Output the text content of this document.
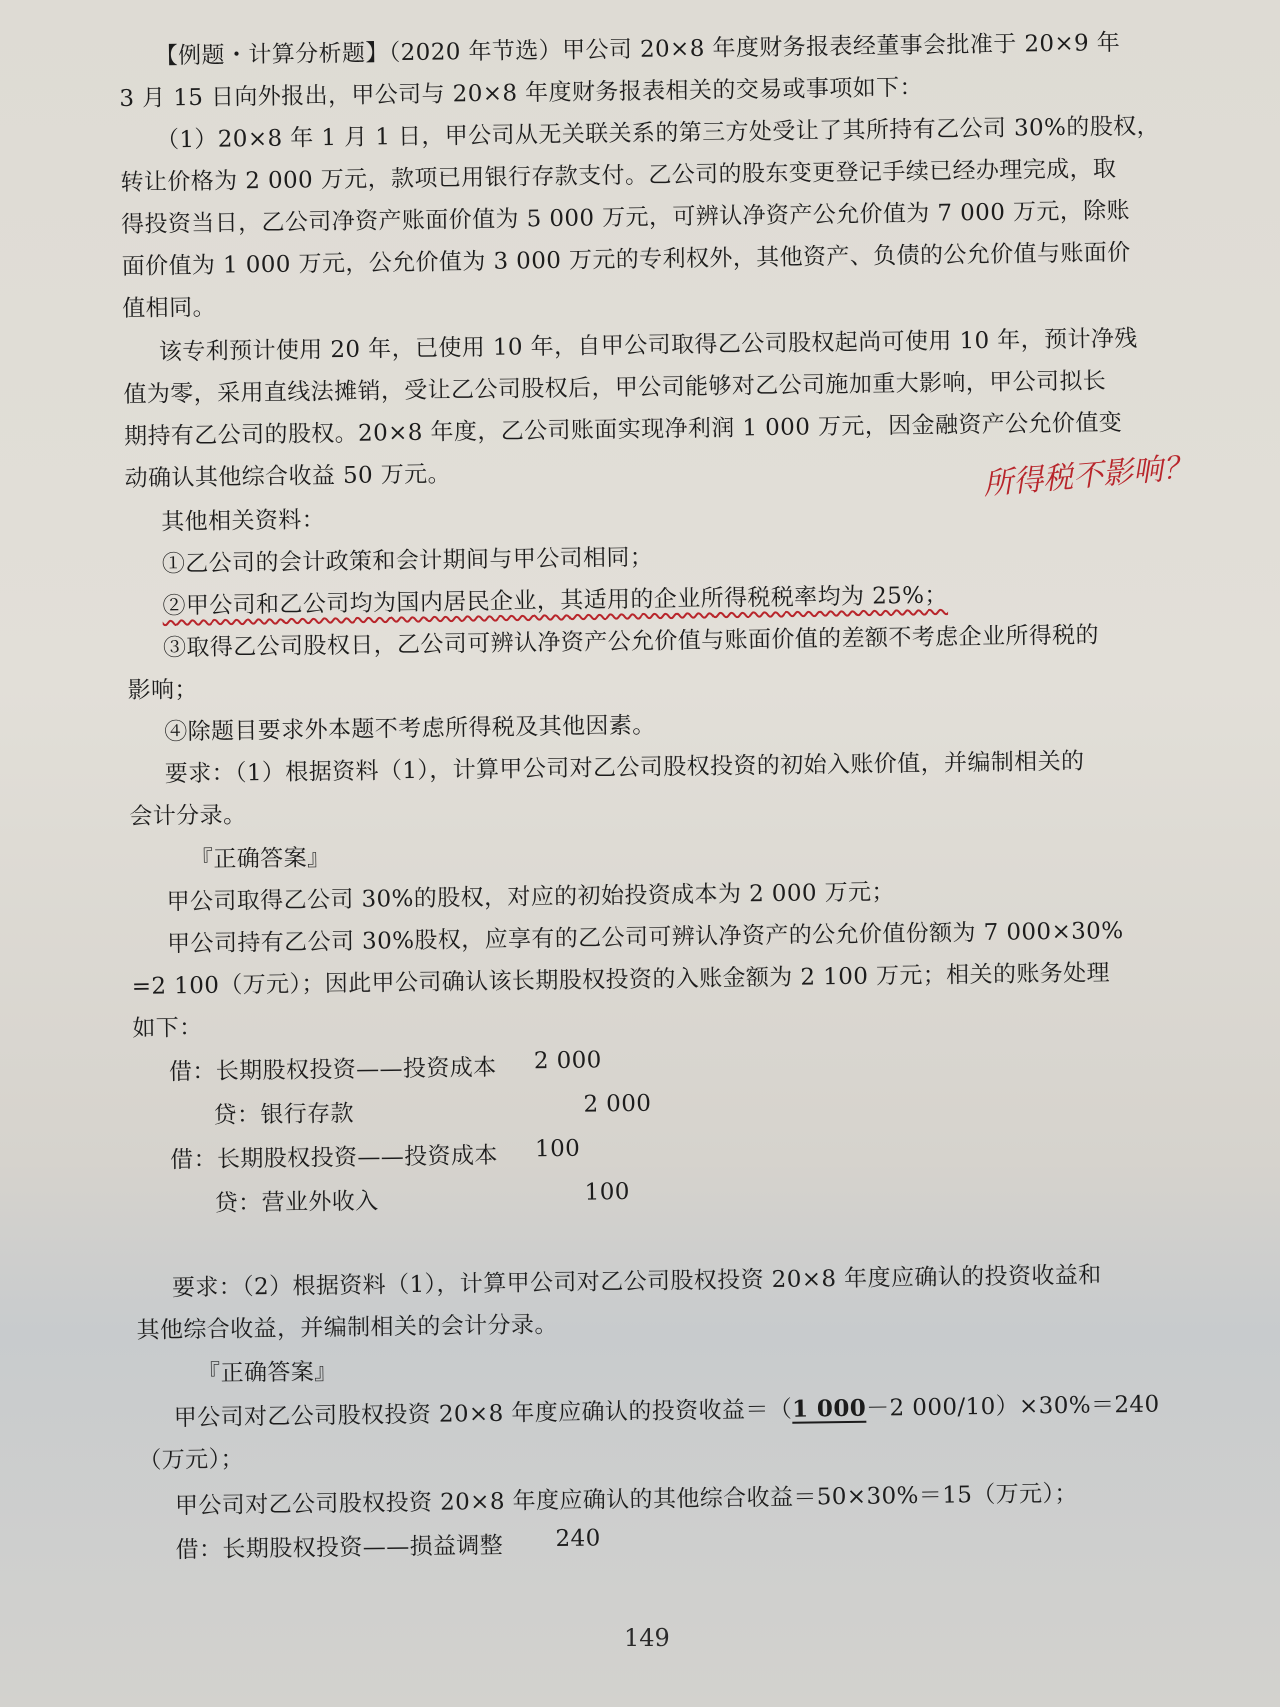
【例题・计算分析题】（2020 年节选）甲公司 20×8 年度财务报表经董事会批准于 20×9 年
3 月 15 日向外报出，甲公司与 20×8 年度财务报表相关的交易或事项如下：
（1）20×8 年 1 月 1 日，甲公司从无关联关系的第三方处受让了其所持有乙公司 30%的股权，
转让价格为 2 000 万元，款项已用银行存款支付。乙公司的股东变更登记手续已经办理完成，取
得投资当日，乙公司净资产账面价值为 5 000 万元，可辨认净资产公允价值为 7 000 万元，除账
面价值为 1 000 万元，公允价值为 3 000 万元的专利权外，其他资产、负债的公允价值与账面价
值相同。
该专利预计使用 20 年，已使用 10 年，自甲公司取得乙公司股权起尚可使用 10 年，预计净残
值为零，采用直线法摊销，受让乙公司股权后，甲公司能够对乙公司施加重大影响，甲公司拟长
期持有乙公司的股权。20×8 年度，乙公司账面实现净利润 1 000 万元，因金融资产公允价值变
动确认其他综合收益 50 万元。
其他相关资料：
所得税不影响？
①乙公司的会计政策和会计期间与甲公司相同；
②甲公司和乙公司均为国内居民企业，其适用的企业所得税税率均为 25%；
③取得乙公司股权日，乙公司可辨认净资产公允价值与账面价值的差额不考虑企业所得税的
影响；
④除题目要求外本题不考虑所得税及其他因素。
要求：（1）根据资料（1），计算甲公司对乙公司股权投资的初始入账价值，并编制相关的
会计分录。
『正确答案』
甲公司取得乙公司 30%的股权，对应的初始投资成本为 2 000 万元；
甲公司持有乙公司 30%股权，应享有的乙公司可辨认净资产的公允价值份额为 7 000×30%
=2 100（万元）；因此甲公司确认该长期股权投资的入账金额为 2 100 万元；相关的账务处理
如下：
借：长期股权投资——投资成本 2 000
贷：银行存款	2 000
借：长期股权投资——投资成本 100
贷：营业外收入	100
要求：（2）根据资料（1），计算甲公司对乙公司股权投资 20×8 年度应确认的投资收益和
其他综合收益，并编制相关的会计分录。
『正确答案』
甲公司对乙公司股权投资 20×8 年度应确认的投资收益＝（1 000－2 000/10）×30%＝240
（万元）；
甲公司对乙公司股权投资 20×8 年度应确认的其他综合收益＝50×30%＝15（万元）；
借：长期股权投资——损益调整 240
149
